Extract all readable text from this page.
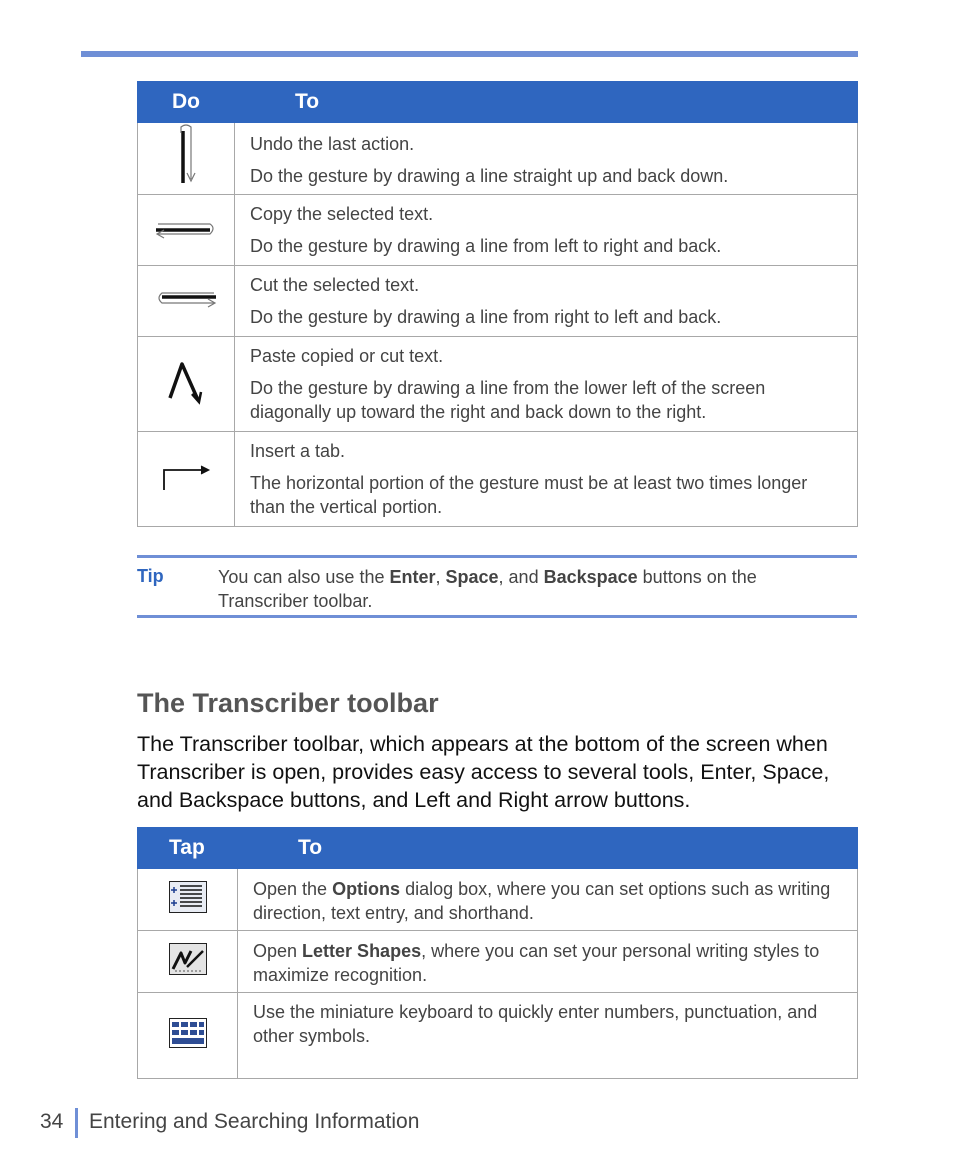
Do	To

Undo the last action.
Do the gesture by drawing a line straight up and back down.

Copy the selected text.
Do the gesture by drawing a line from left to right and back.

Cut the selected text.
Do the gesture by drawing a line from right to left and back.

Paste copied or cut text.
Do the gesture by drawing a line from the lower left of the screen diagonally up toward the right and back down to the right.

Insert a tab.
The horizontal portion of the gesture must be at least two times longer than the vertical portion.
Tip	You can also use the Enter, Space, and Backspace buttons on the Transcriber toolbar.
The Transcriber toolbar

The Transcriber toolbar, which appears at the bottom of the screen when Transcriber is open, provides easy access to several tools, Enter, Space, and Backspace buttons, and Left and Right arrow buttons.

Tap	To

Open the Options dialog box, where you can set options such as writing direction, text entry, and shorthand.

Open Letter Shapes, where you can set your personal writing styles to maximize recognition.

Use the miniature keyboard to quickly enter numbers, punctuation, and
other symbols.
34 Entering and Searching Information
